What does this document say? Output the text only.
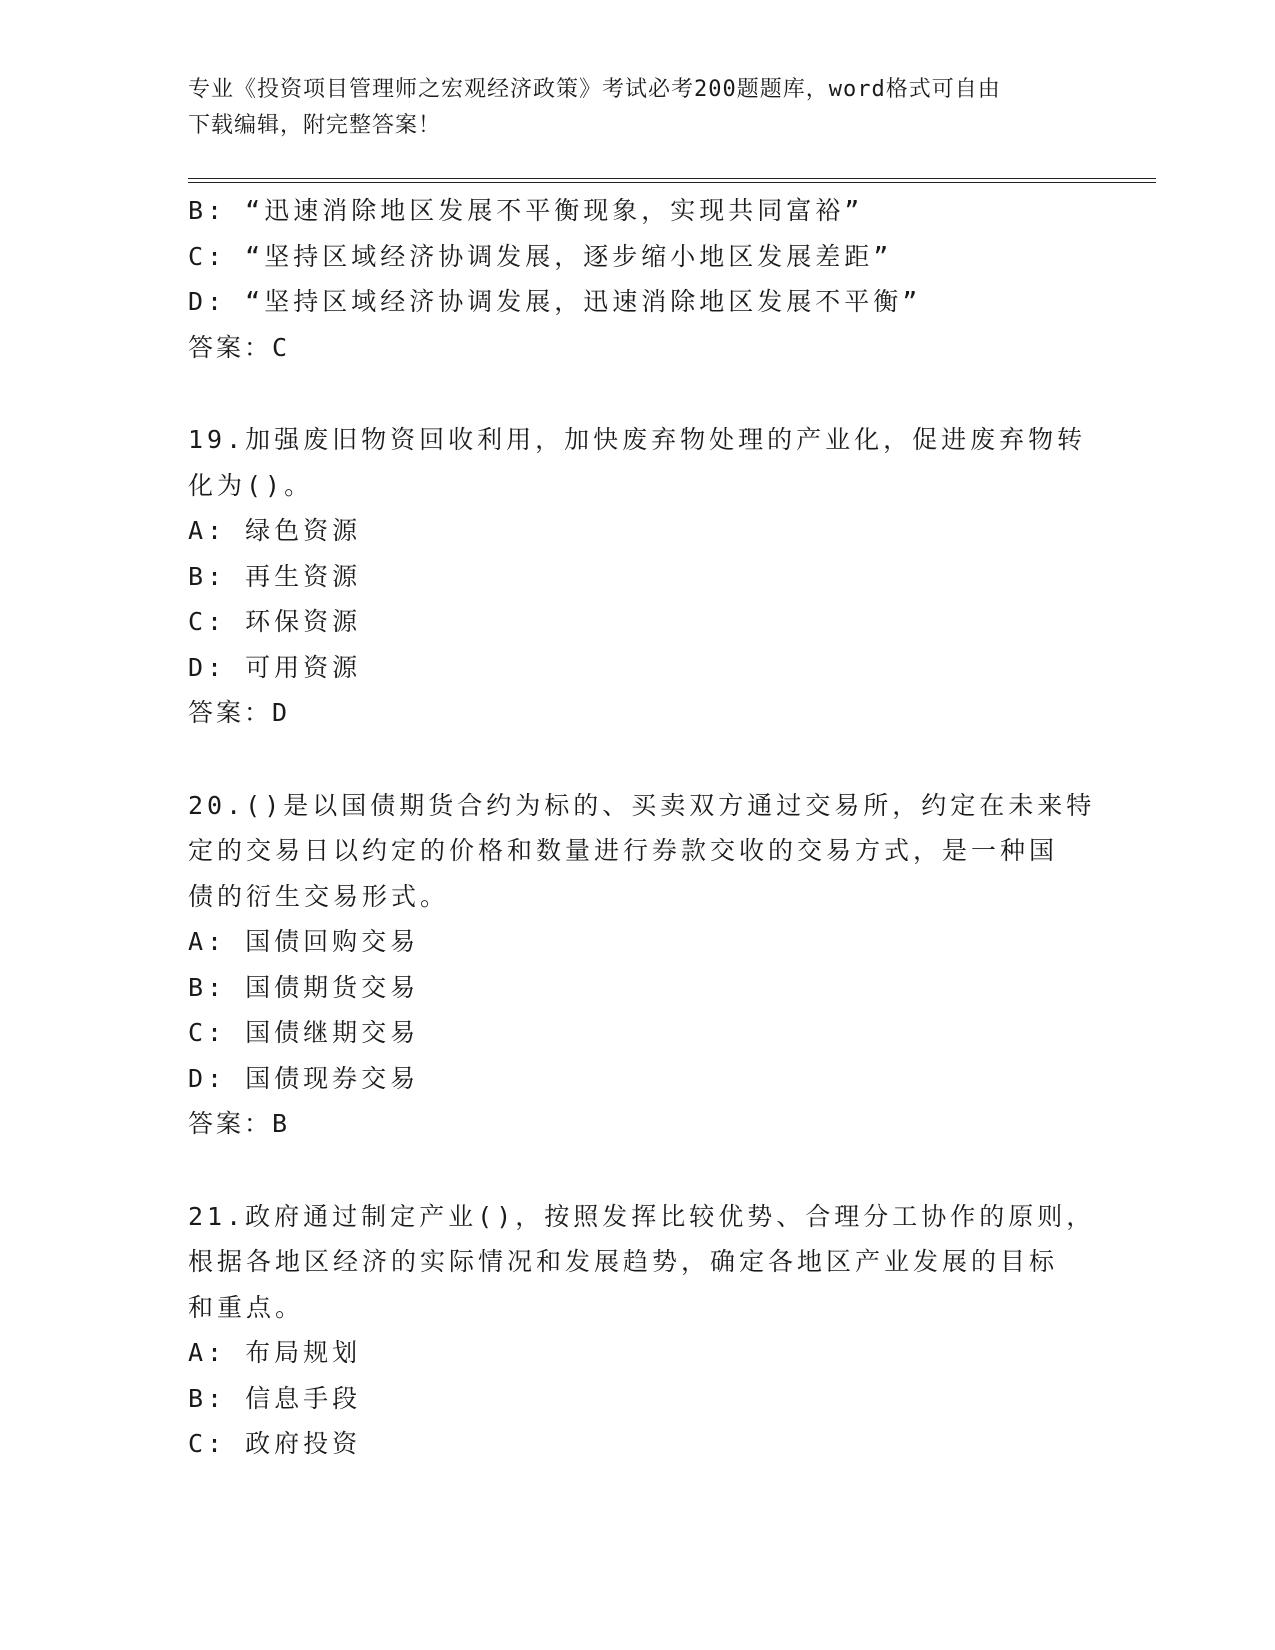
专业《投资项目管理师之宏观经济政策》考试必考200题题库，word格式可自由
下载编辑，附完整答案！
B: “迅速消除地区发展不平衡现象，实现共同富裕”
C: “坚持区域经济协调发展，逐步缩小地区发展差距”
D: “坚持区域经济协调发展，迅速消除地区发展不平衡”
答案：C
19.加强废旧物资回收利用，加快废弃物处理的产业化，促进废弃物转
化为()。
A: 绿色资源
B: 再生资源
C: 环保资源
D: 可用资源
答案：D
20.()是以国债期货合约为标的、买卖双方通过交易所，约定在未来特
定的交易日以约定的价格和数量进行券款交收的交易方式，是一种国
债的衍生交易形式。
A: 国债回购交易
B: 国债期货交易
C: 国债继期交易
D: 国债现券交易
答案：B
21.政府通过制定产业()，按照发挥比较优势、合理分工协作的原则，
根据各地区经济的实际情况和发展趋势，确定各地区产业发展的目标
和重点。
A: 布局规划
B: 信息手段
C: 政府投资
